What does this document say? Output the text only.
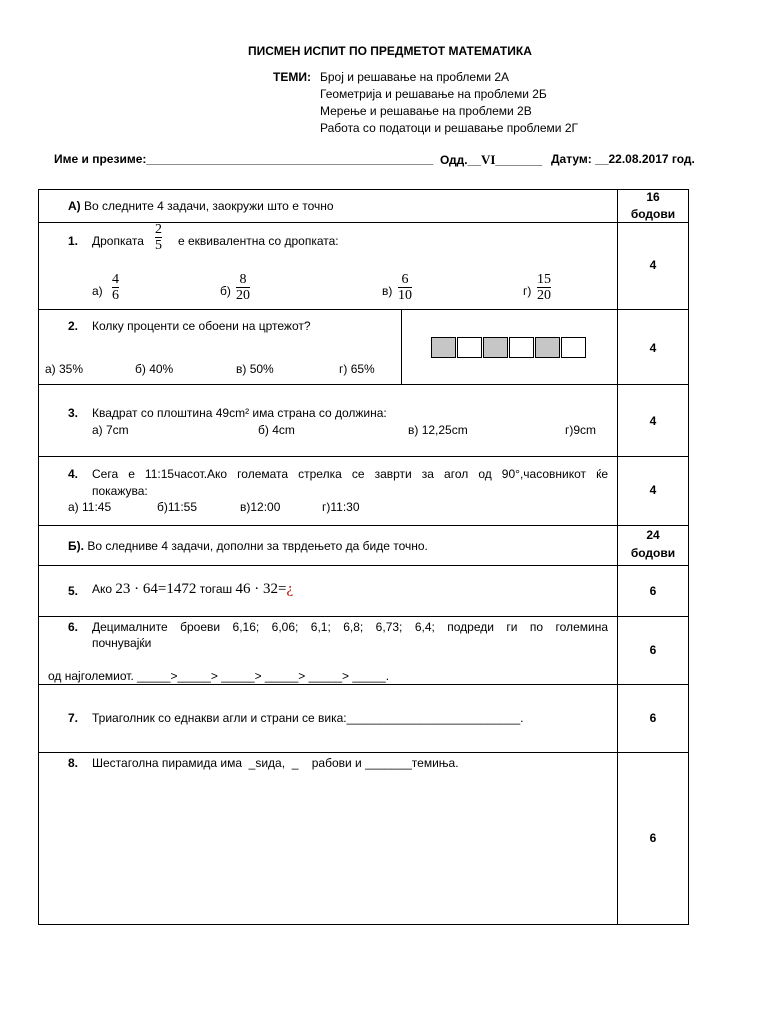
ПИСМЕН ИСПИТ ПО ПРЕДМЕТОТ МАТЕМАТИКА
ТЕМИ: Број и решавање на проблеми 2А
Геометрија и решавање на проблеми 2Б
Мерење и решавање на проблеми 2В
Работа со податоци и решавање проблеми 2Г
Име и презиме:___________________________________________ Одд.__VI_______ Датум: __22.08.2017 год.
А) Во следните 4 задачи, заокружи што е точно
16
бодови
1. Дропката
2
5 е еквивалентна со дропката:
а)
4
6	б)
8
20	в)
6
10	г)
15
20
4
2. Колку проценти се обоени на цртежот?
а) 35%	б) 40%	в) 50%	г) 65%
4
3. Квадрат со плоштина 49cm² има страна со должина:
а) 7cm	б) 4cm	в) 12,25cm	г)9cm
4
4. Сега е 11:15часот.Ако големата стрелка се заврти за агол од 90°,часовникот ќе
покажува:
а) 11:45	б)11:55	в)12:00	г)11:30
4
Б). Во следниве 4 задачи, дополни за тврдењето да биде точно.
24
бодови
5. Ако 23 · 64=1472 тогаш 46 · 32=¿	6
6. Децималните броеви 6,16; 6,06; 6,1; 6,8; 6,73; 6,4; подреди ги по големина
почнувајќи
од најголемиот. _____>_____> _____> _____> _____> _____.
6
7. Триаголник со еднакви агли и страни се вика:__________________________.	6
8. Шестаголна пирамида има  _sида,  _    рабови и _______темиња.
6
